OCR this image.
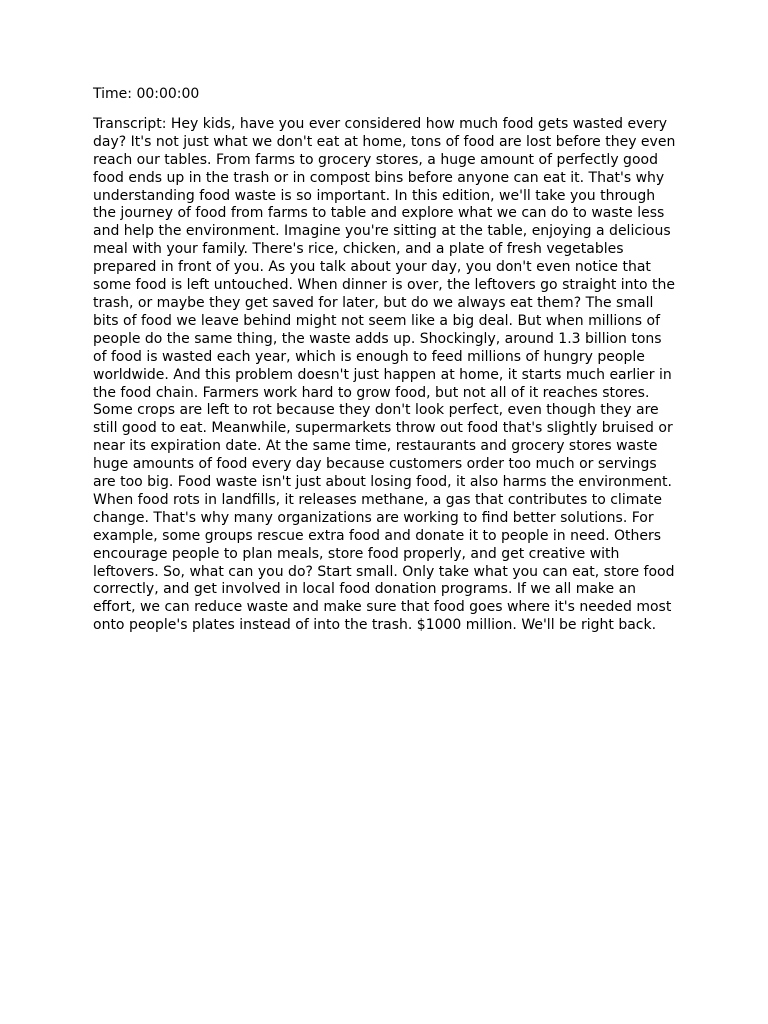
Time: 00:00:00

Transcript: Hey kids, have you ever considered how much food gets wasted every day? It's not just what we don't eat at home, tons of food are lost before they even reach our tables. From farms to grocery stores, a huge amount of perfectly good food ends up in the trash or in compost bins before anyone can eat it. That's why understanding food waste is so important. In this edition, we'll take you through the journey of food from farms to table and explore what we can do to waste less and help the environment. Imagine you're sitting at the table, enjoying a delicious meal with your family. There's rice, chicken, and a plate of fresh vegetables prepared in front of you. As you talk about your day, you don't even notice that some food is left untouched. When dinner is over, the leftovers go straight into the trash, or maybe they get saved for later, but do we always eat them? The small bits of food we leave behind might not seem like a big deal. But when millions of people do the same thing, the waste adds up. Shockingly, around 1.3 billion tons of food is wasted each year, which is enough to feed millions of hungry people worldwide. And this problem doesn't just happen at home, it starts much earlier in the food chain. Farmers work hard to grow food, but not all of it reaches stores. Some crops are left to rot because they don't look perfect, even though they are still good to eat. Meanwhile, supermarkets throw out food that's slightly bruised or near its expiration date. At the same time, restaurants and grocery stores waste huge amounts of food every day because customers order too much or servings are too big. Food waste isn't just about losing food, it also harms the environment. When food rots in landfills, it releases methane, a gas that contributes to climate change. That's why many organizations are working to find better solutions. For example, some groups rescue extra food and donate it to people in need. Others encourage people to plan meals, store food properly, and get creative with leftovers. So, what can you do? Start small. Only take what you can eat, store food correctly, and get involved in local food donation programs. If we all make an effort, we can reduce waste and make sure that food goes where it's needed most onto people's plates instead of into the trash. $1000 million. We'll be right back.
